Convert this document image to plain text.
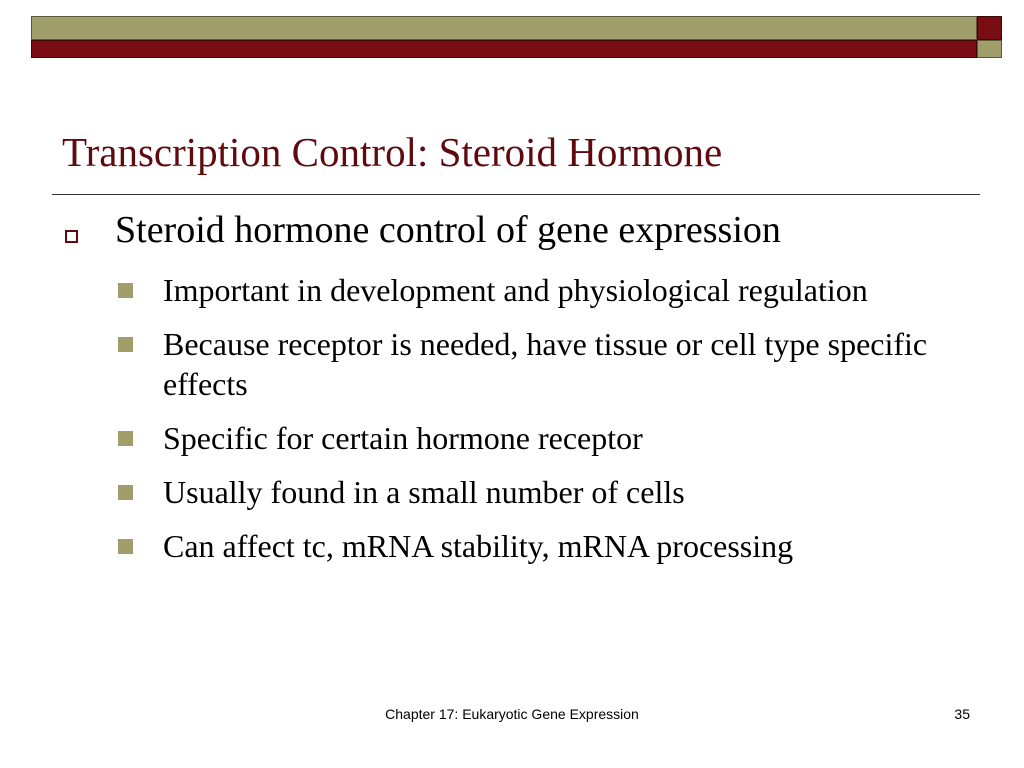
Transcription Control: Steroid Hormone
Steroid hormone control of gene expression
Important in development and physiological regulation
Because receptor is needed, have tissue or cell type specific effects
Specific for certain hormone receptor
Usually found in a small number of cells
Can affect tc, mRNA stability, mRNA processing
Chapter 17: Eukaryotic Gene Expression	35
